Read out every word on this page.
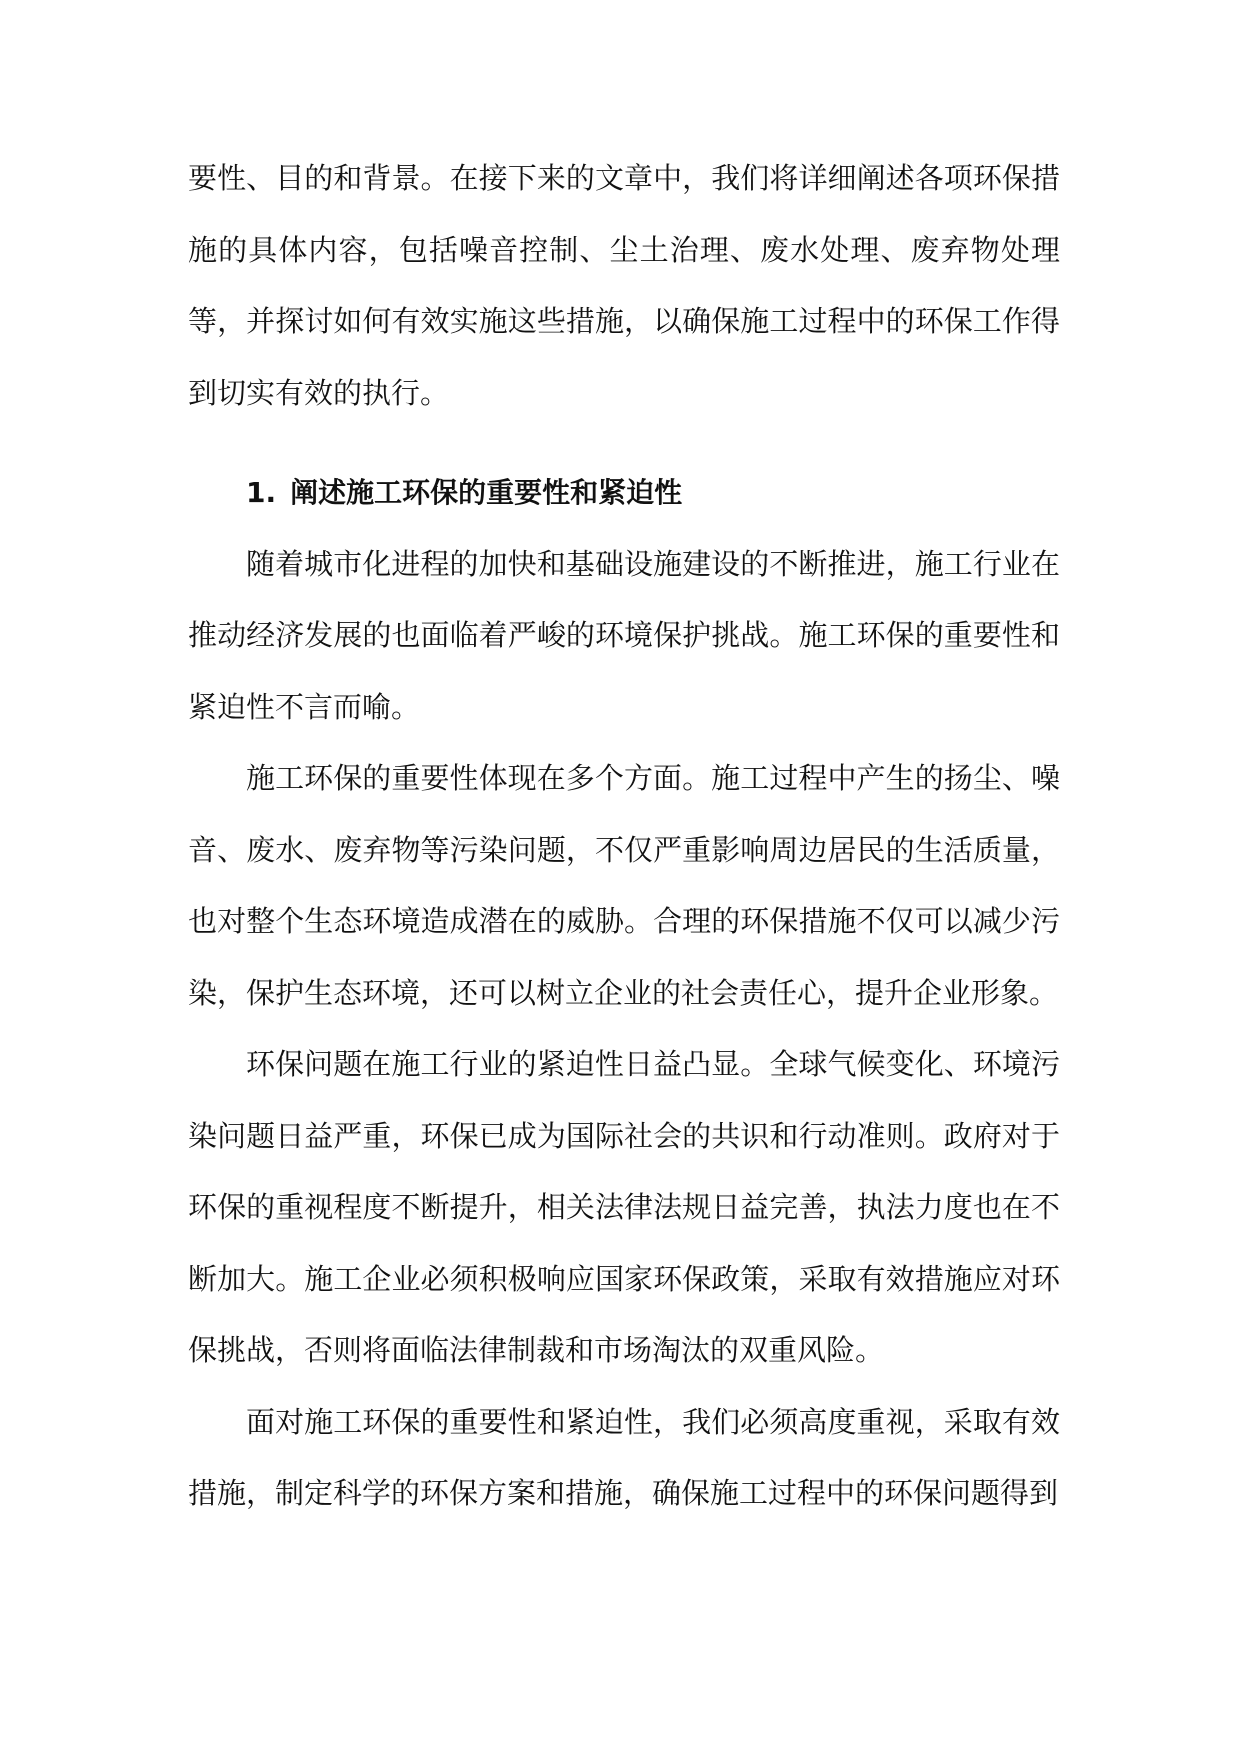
要性、目的和背景。在接下来的文章中，我们将详细阐述各项环保措施的具体内容，包括噪音控制、尘土治理、废水处理、废弃物处理等，并探讨如何有效实施这些措施，以确保施工过程中的环保工作得到切实有效的执行。

1. 阐述施工环保的重要性和紧迫性

随着城市化进程的加快和基础设施建设的不断推进，施工行业在推动经济发展的也面临着严峻的环境保护挑战。施工环保的重要性和紧迫性不言而喻。

施工环保的重要性体现在多个方面。施工过程中产生的扬尘、噪音、废水、废弃物等污染问题，不仅严重影响周边居民的生活质量，也对整个生态环境造成潜在的威胁。合理的环保措施不仅可以减少污染，保护生态环境，还可以树立企业的社会责任心，提升企业形象。

环保问题在施工行业的紧迫性日益凸显。全球气候变化、环境污染问题日益严重，环保已成为国际社会的共识和行动准则。政府对于环保的重视程度不断提升，相关法律法规日益完善，执法力度也在不断加大。施工企业必须积极响应国家环保政策，采取有效措施应对环保挑战，否则将面临法律制裁和市场淘汰的双重风险。

面对施工环保的重要性和紧迫性，我们必须高度重视，采取有效措施，制定科学的环保方案和措施，确保施工过程中的环保问题得到
